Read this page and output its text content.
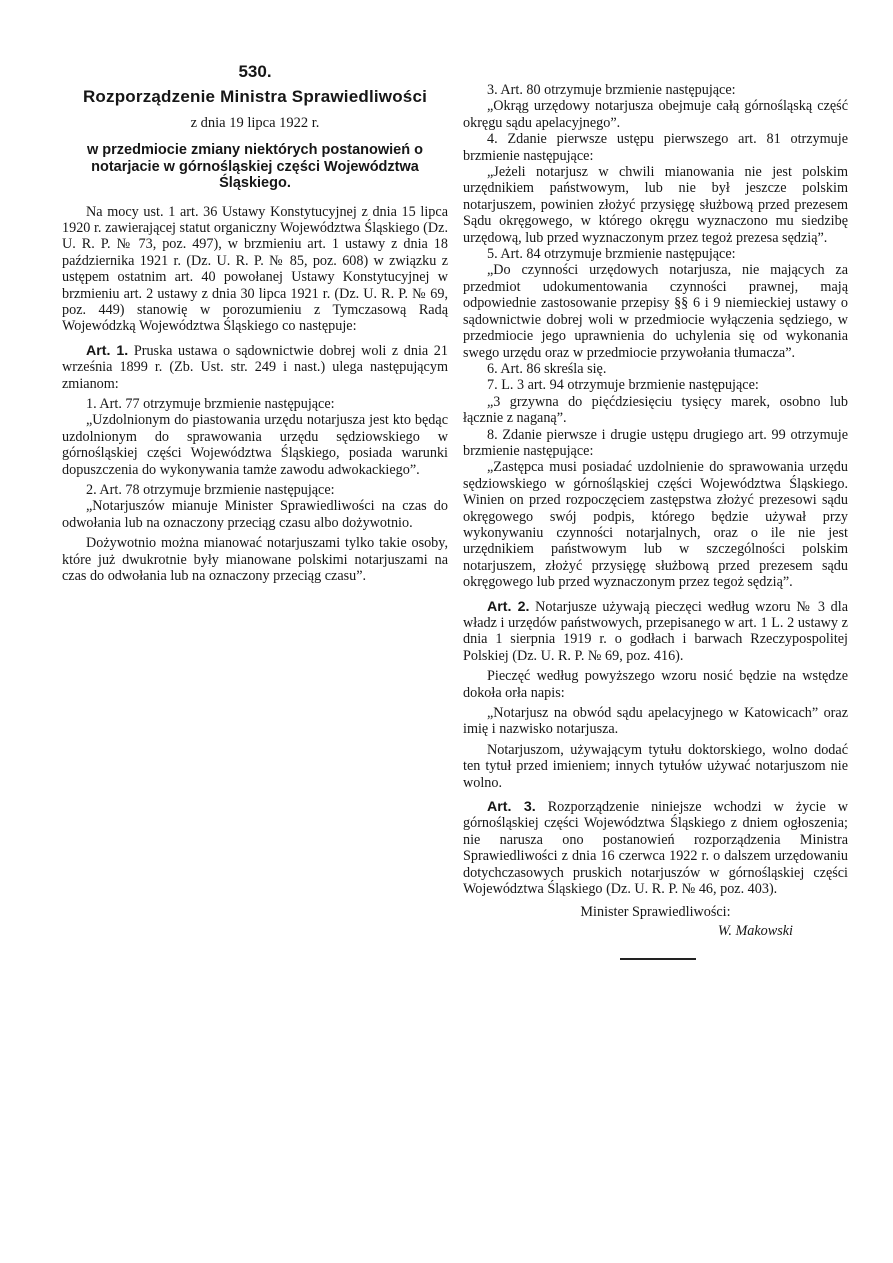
530.

Rozporządzenie Ministra Sprawiedliwości

z dnia 19 lipca 1922 r.

w przedmiocie zmiany niektórych postanowień o notarjacie w górnośląskiej części Województwa Śląskiego.

Na mocy ust. 1 art. 36 Ustawy Konstytucyjnej z dnia 15 lipca 1920 r. zawierającej statut organiczny Województwa Śląskiego (Dz. U. R. P. № 73, poz. 497), w brzmieniu art. 1 ustawy z dnia 18 października 1921 r. (Dz. U. R. P. № 85, poz. 608) w związku z ustępem ostatnim art. 40 powołanej Ustawy Konstytucyjnej w brzmieniu art. 2 ustawy z dnia 30 lipca 1921 r. (Dz. U. R. P. № 69, poz. 449) stanowię w porozumieniu z Tymczasową Radą Wojewódzką Województwa Śląskiego co następuje:

Art. 1. Pruska ustawa o sądownictwie dobrej woli z dnia 21 września 1899 r. (Zb. Ust. str. 249 i nast.) ulega następującym zmianom:

1. Art. 77 otrzymuje brzmienie następujące:

„Uzdolnionym do piastowania urzędu notarjusza jest kto będąc uzdolnionym do sprawowania urzędu sędziowskiego w górnośląskiej części Województwa Śląskiego, posiada warunki dopuszczenia do wykonywania tamże zawodu adwokackiego”.

2. Art. 78 otrzymuje brzmienie następujące:

„Notarjuszów mianuje Minister Sprawiedliwości na czas do odwołania lub na oznaczony przeciąg czasu albo dożywotnio.

Dożywotnio można mianować notarjuszami tylko takie osoby, które już dwukrotnie były mianowane polskimi notarjuszami na czas do odwołania lub na oznaczony przeciąg czasu”.

3. Art. 80 otrzymuje brzmienie następujące:

„Okrąg urzędowy notarjusza obejmuje całą górnośląską część okręgu sądu apelacyjnego”.

4. Zdanie pierwsze ustępu pierwszego art. 81 otrzymuje brzmienie następujące:

„Jeżeli notarjusz w chwili mianowania nie jest polskim urzędnikiem państwowym, lub nie był jeszcze polskim notarjuszem, powinien złożyć przysięgę służbową przed prezesem Sądu okręgowego, w którego okręgu wyznaczono mu siedzibę urzędową, lub przed wyznaczonym przez tegoż prezesa sędzią”.

5. Art. 84 otrzymuje brzmienie następujące:

„Do czynności urzędowych notarjusza, nie mających za przedmiot udokumentowania czynności prawnej, mają odpowiednie zastosowanie przepisy §§ 6 i 9 niemieckiej ustawy o sądownictwie dobrej woli w przedmiocie wyłączenia sędziego, w przedmiocie jego uprawnienia do uchylenia się od wykonania swego urzędu oraz w przedmiocie przywołania tłumacza”.

6. Art. 86 skreśla się.

7. L. 3 art. 94 otrzymuje brzmienie następujące:

„3 grzywna do pięćdziesięciu tysięcy marek, osobno lub łącznie z naganą”.

8. Zdanie pierwsze i drugie ustępu drugiego art. 99 otrzymuje brzmienie następujące:

„Zastępca musi posiadać uzdolnienie do sprawowania urzędu sędziowskiego w górnośląskiej części Województwa Śląskiego. Winien on przed rozpoczęciem zastępstwa złożyć prezesowi sądu okręgowego swój podpis, którego będzie używał przy wykonywaniu czynności notarjalnych, oraz o ile nie jest urzędnikiem państwowym lub w szczególności polskim notarjuszem, złożyć przysięgę służbową przed prezesem sądu okręgowego lub przed wyznaczonym przez tegoż sędzią”.

Art. 2. Notarjusze używają pieczęci według wzoru № 3 dla władz i urzędów państwowych, przepisanego w art. 1 L. 2 ustawy z dnia 1 sierpnia 1919 r. o godłach i barwach Rzeczypospolitej Polskiej (Dz. U. R. P. № 69, poz. 416).

Pieczęć według powyższego wzoru nosić będzie na wstędze dokoła orła napis:

„Notarjusz na obwód sądu apelacyjnego w Katowicach” oraz imię i nazwisko notarjusza.

Notarjuszom, używającym tytułu doktorskiego, wolno dodać ten tytuł przed imieniem; innych tytułów używać notarjuszom nie wolno.

Art. 3. Rozporządzenie niniejsze wchodzi w życie w górnośląskiej części Województwa Śląskiego z dniem ogłoszenia; nie narusza ono postanowień rozporządzenia Ministra Sprawiedliwości z dnia 16 czerwca 1922 r. o dalszem urzędowaniu dotychczasowych pruskich notarjuszów w górnośląskiej części Województwa Śląskiego (Dz. U. R. P. № 46, poz. 403).

Minister Sprawiedliwości:

W. Makowski
